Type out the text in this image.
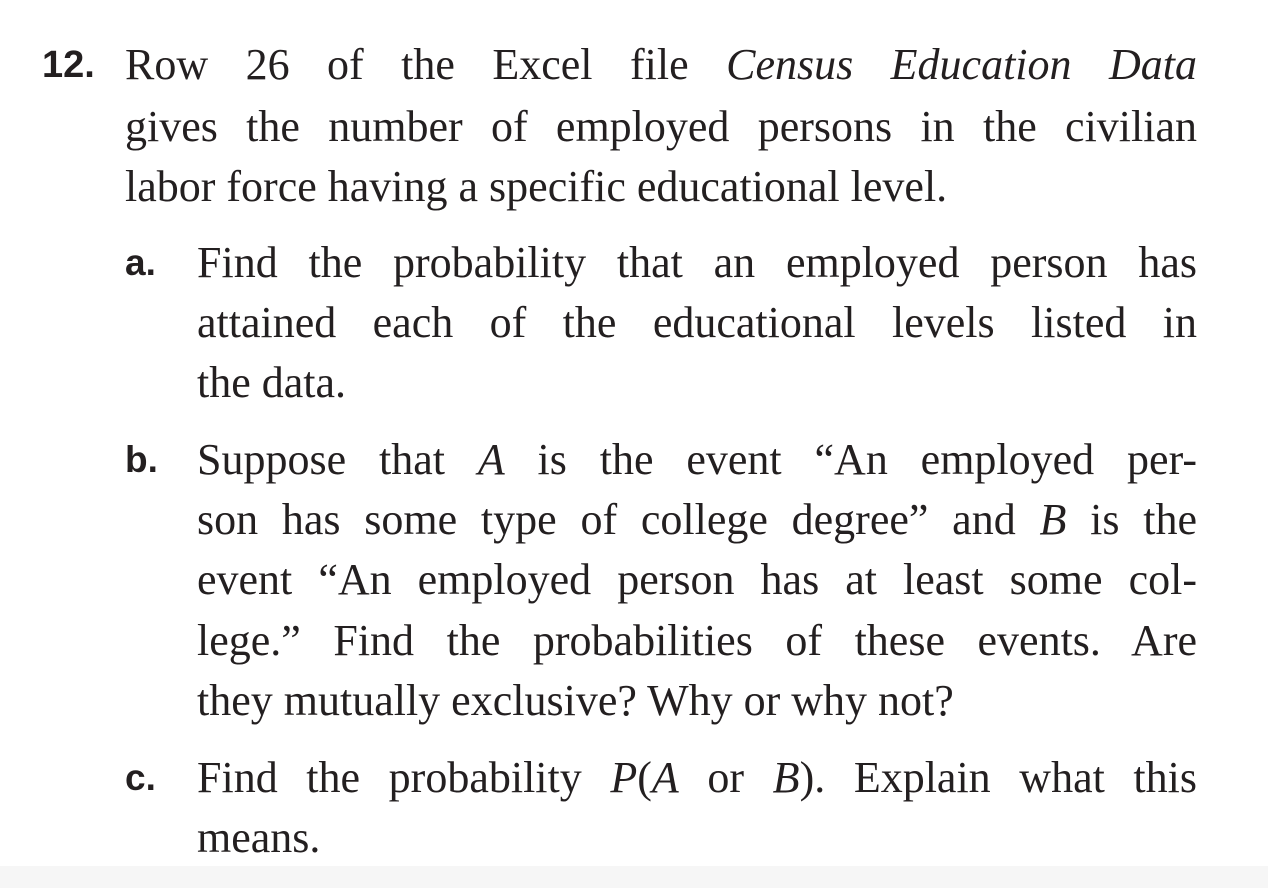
12. Row 26 of the Excel file Census Education Data
gives the number of employed persons in the civilian
labor force having a specific educational level.
a. Find the probability that an employed person has
attained each of the educational levels listed in
the data.
b. Suppose that A is the event “An employed per-
son has some type of college degree” and B is the
event “An employed person has at least some col-
lege.” Find the probabilities of these events. Are
they mutually exclusive? Why or why not?
c. Find the probability P(A or B). Explain what this
means.
